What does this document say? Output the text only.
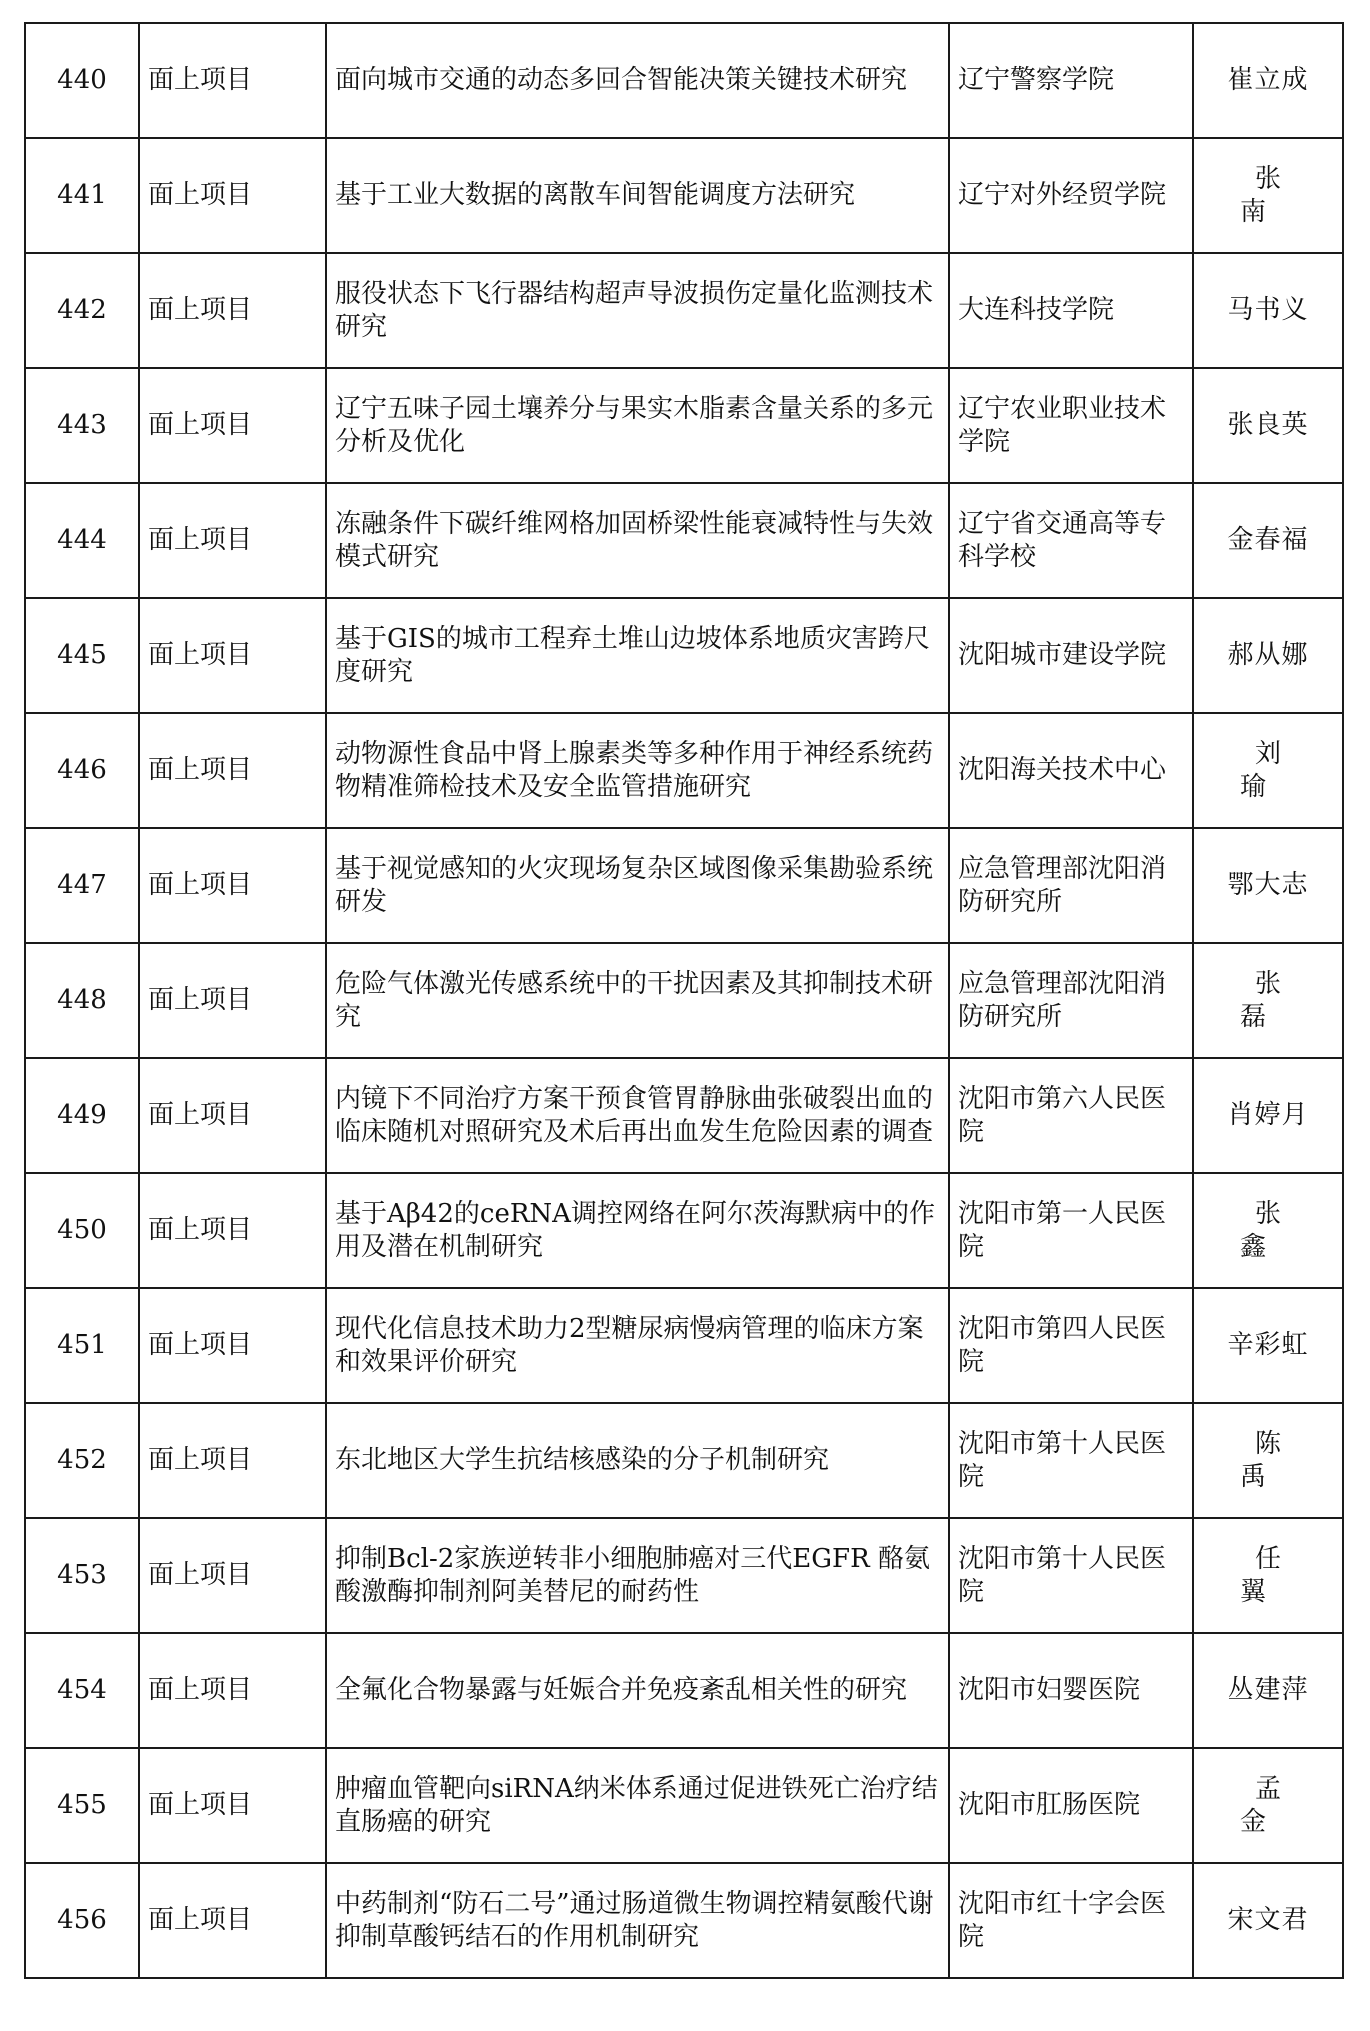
440	面上项目	面向城市交通的动态多回合智能决策关键技术研究	辽宁警察学院	崔立成
441	面上项目	基于工业大数据的离散车间智能调度方法研究	辽宁对外经贸学院	张南
442	面上项目	服役状态下飞行器结构超声导波损伤定量化监测技术研究	大连科技学院	马书义
443	面上项目	辽宁五味子园土壤养分与果实木脂素含量关系的多元分析及优化	辽宁农业职业技术学院	张良英
444	面上项目	冻融条件下碳纤维网格加固桥梁性能衰减特性与失效模式研究	辽宁省交通高等专科学校	金春福
445	面上项目	基于GIS的城市工程弃土堆山边坡体系地质灾害跨尺度研究	沈阳城市建设学院	郝从娜
446	面上项目	动物源性食品中肾上腺素类等多种作用于神经系统药物精准筛检技术及安全监管措施研究	沈阳海关技术中心	刘瑜
447	面上项目	基于视觉感知的火灾现场复杂区域图像采集勘验系统研发	应急管理部沈阳消防研究所	鄂大志
448	面上项目	危险气体激光传感系统中的干扰因素及其抑制技术研究	应急管理部沈阳消防研究所	张磊
449	面上项目	内镜下不同治疗方案干预食管胃静脉曲张破裂出血的临床随机对照研究及术后再出血发生危险因素的调查	沈阳市第六人民医院	肖婷月
450	面上项目	基于Aβ42的ceRNA调控网络在阿尔茨海默病中的作用及潜在机制研究	沈阳市第一人民医院	张鑫
451	面上项目	现代化信息技术助力2型糖尿病慢病管理的临床方案和效果评价研究	沈阳市第四人民医院	辛彩虹
452	面上项目	东北地区大学生抗结核感染的分子机制研究	沈阳市第十人民医院	陈禹
453	面上项目	抑制Bcl-2家族逆转非小细胞肺癌对三代EGFR 酪氨酸激酶抑制剂阿美替尼的耐药性	沈阳市第十人民医院	任翼
454	面上项目	全氟化合物暴露与妊娠合并免疫紊乱相关性的研究	沈阳市妇婴医院	丛建萍
455	面上项目	肿瘤血管靶向siRNA纳米体系通过促进铁死亡治疗结直肠癌的研究	沈阳市肛肠医院	孟金
456	面上项目	中药制剂“防石二号”通过肠道微生物调控精氨酸代谢抑制草酸钙结石的作用机制研究	沈阳市红十字会医院	宋文君
